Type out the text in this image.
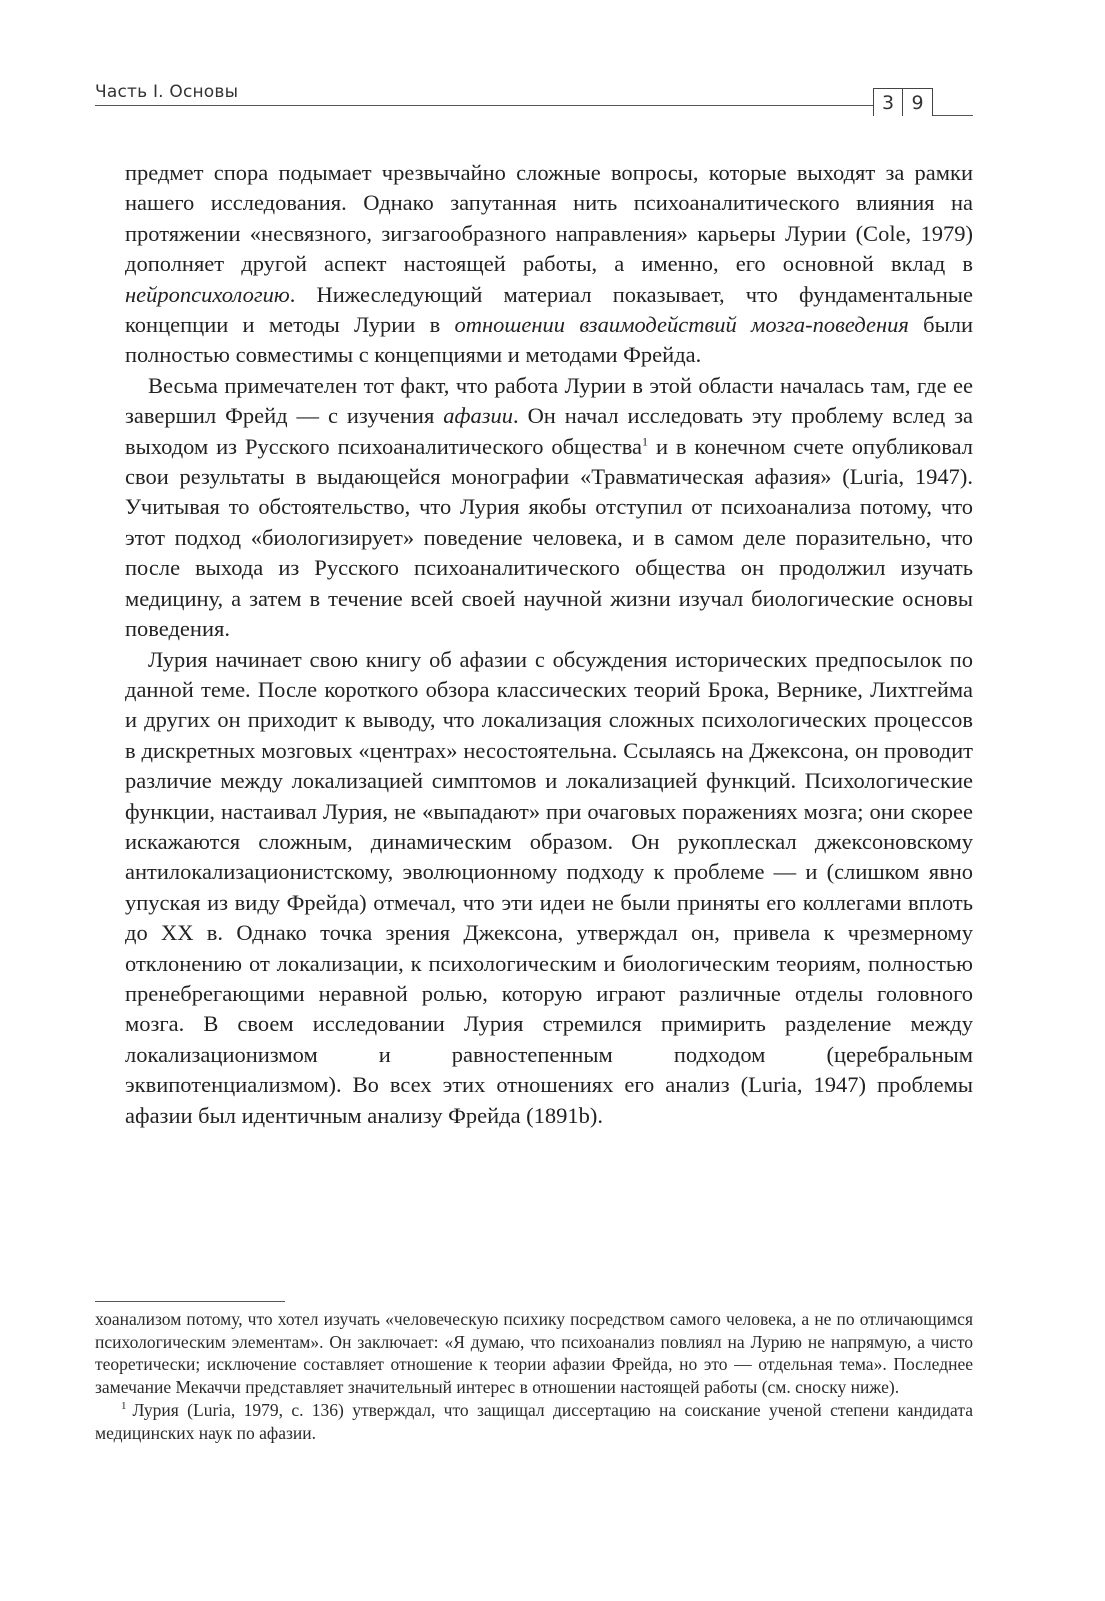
Часть I. Основы	3 9

предмет спора подымает чрезвычайно сложные вопросы, которые выходят за рамки нашего исследования. Однако запутанная нить психоаналитического влияния на протяжении «несвязного, зигзагообразного направления» карьеры Лурии (Cole, 1979) дополняет другой аспект настоящей работы, а именно, его основной вклад в нейропсихологию. Нижеследующий материал показывает, что фундаментальные концепции и методы Лурии в отношении взаимодействий мозга-поведения были полностью совместимы с концепциями и методами Фрейда.

Весьма примечателен тот факт, что работа Лурии в этой области началась там, где ее завершил Фрейд — с изучения афазии. Он начал исследовать эту проблему вслед за выходом из Русского психоаналитического общества$^1$ и в конечном счете опубликовал свои результаты в выдающейся монографии «Травматическая афазия» (Luria, 1947). Учитывая то обстоятельство, что Лурия якобы отступил от психоанализа потому, что этот подход «биологизирует» поведение человека, и в самом деле поразительно, что после выхода из Русского психоаналитического общества он продолжил изучать медицину, а затем в течение всей своей научной жизни изучал биологические основы поведения.

Лурия начинает свою книгу об афазии с обсуждения исторических предпосылок по данной теме. После короткого обзора классических теорий Брока, Вернике, Лихтгейма и других он приходит к выводу, что локализация сложных психологических процессов в дискретных мозговых «центрах» несостоятельна. Ссылаясь на Джексона, он проводит различие между локализацией симптомов и локализацией функций. Психологические функции, настаивал Лурия, не «выпадают» при очаговых поражениях мозга; они скорее искажаются сложным, динамическим образом. Он рукоплескал джексоновскому антилокализационистскому, эволюционному подходу к проблеме — и (слишком явно упуская из виду Фрейда) отмечал, что эти идеи не были приняты его коллегами вплоть до XX в. Однако точка зрения Джексона, утверждал он, привела к чрезмерному отклонению от локализации, к психологическим и биологическим теориям, полностью пренебрегающими неравной ролью, которую играют различные отделы головного мозга. В своем исследовании Лурия стремился примирить разделение между локализационизмом и равностепенным подходом (церебральным эквипотенциализмом). Во всех этих отношениях его анализ (Luria, 1947) проблемы афазии был идентичным анализу Фрейда (1891b).

хоанализом потому, что хотел изучать «человеческую психику посредством самого человека, а не по отличающимся психологическим элементам». Он заключает: «Я думаю, что психоанализ повлиял на Лурию не напрямую, а чисто теоретически; исключение составляет отношение к теории афазии Фрейда, но это — отдельная тема». Последнее замечание Мекаччи представляет значительный интерес в отношении настоящей работы (см. сноску ниже).

$^1$ Лурия (Luria, 1979, с. 136) утверждал, что защищал диссертацию на соискание ученой степени кандидата медицинских наук по афазии.
